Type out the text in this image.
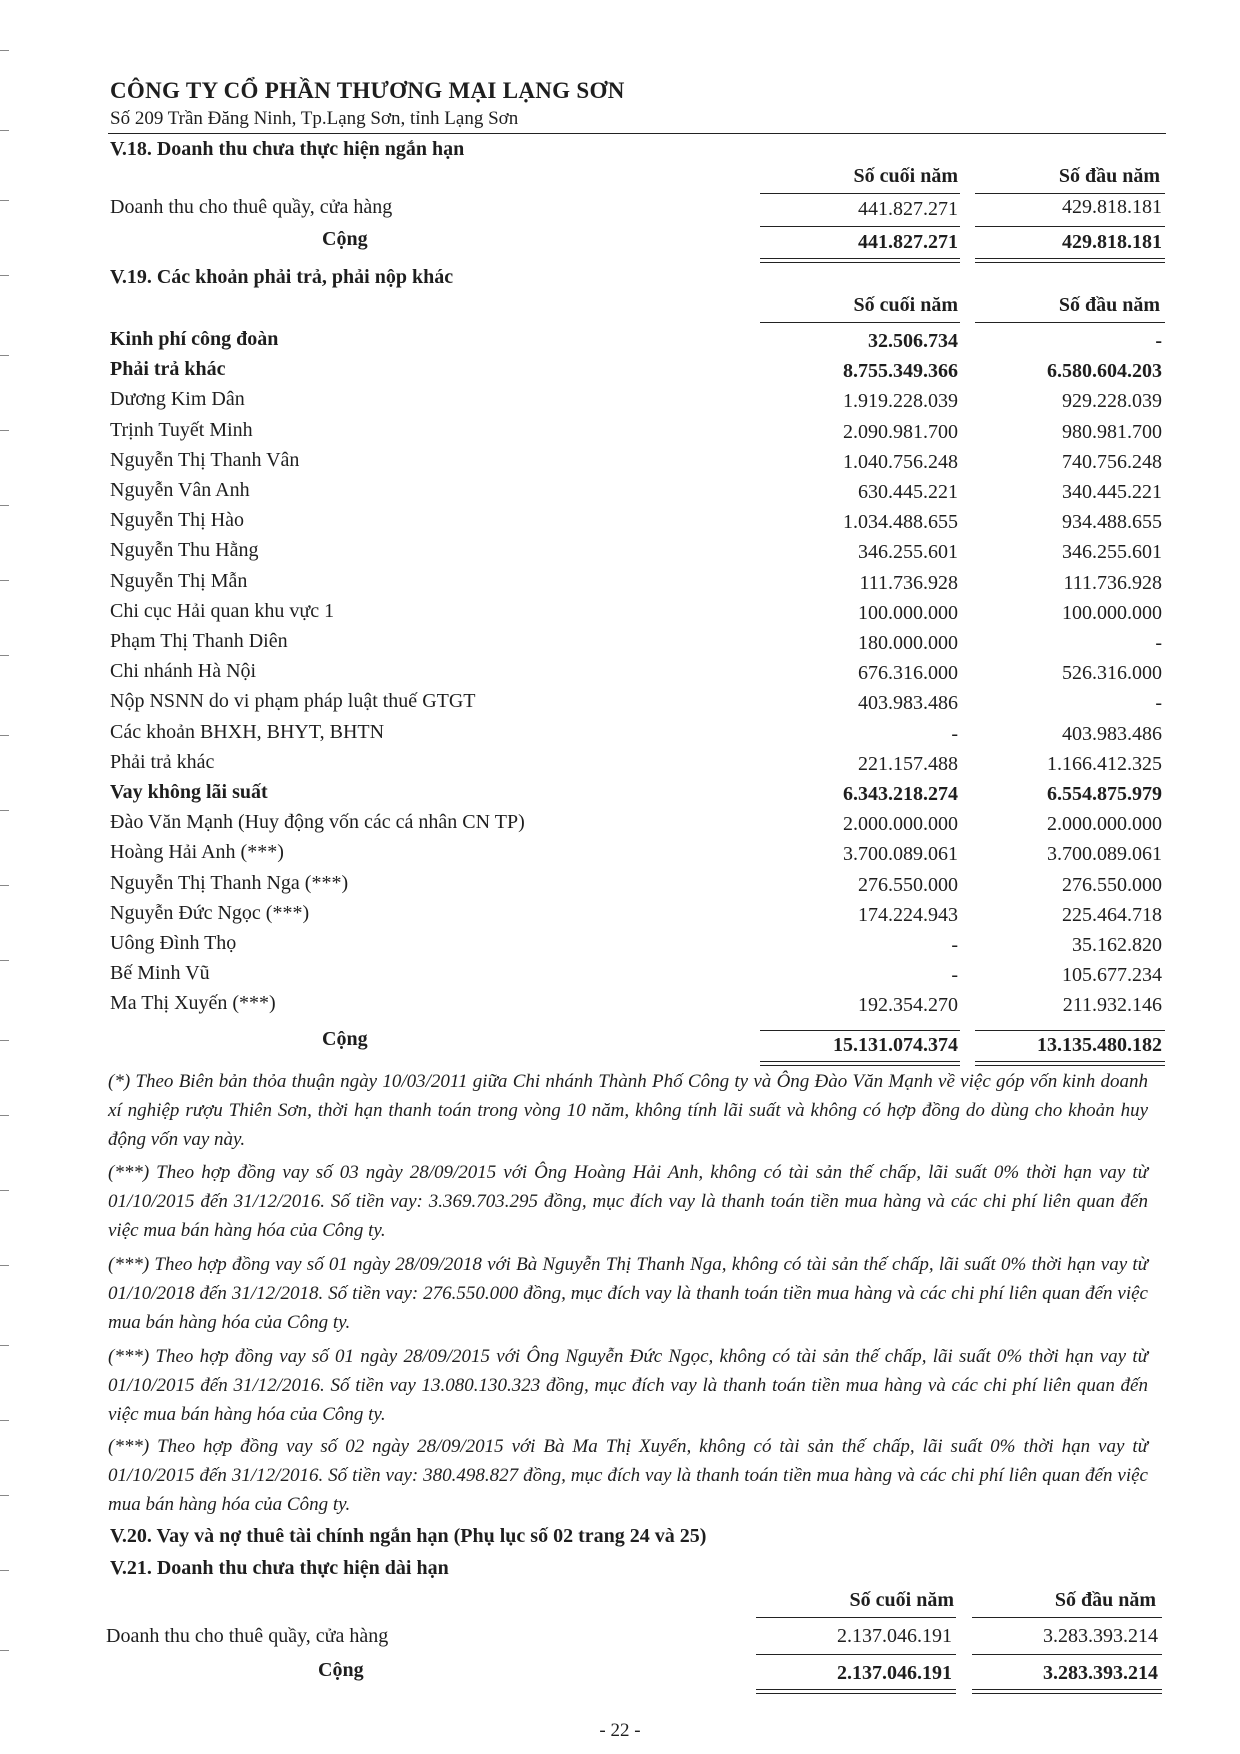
CÔNG TY CỔ PHẦN THƯƠNG MẠI LẠNG SƠN
Số 209 Trần Đăng Ninh, Tp.Lạng Sơn, tỉnh Lạng Sơn
V.18. Doanh thu chưa thực hiện ngắn hạn
Số cuối năm	Số đầu năm
Doanh thu cho thuê quầy, cửa hàng	441.827.271	429.818.181
Cộng	441.827.271	429.818.181
V.19. Các khoản phải trả, phải nộp khác
Số cuối năm	Số đầu năm
Kinh phí công đoàn	32.506.734	-
Phải trả khác	8.755.349.366	6.580.604.203
Dương Kim Dân	1.919.228.039	929.228.039
Trịnh Tuyết Minh	2.090.981.700	980.981.700
Nguyễn Thị Thanh Vân	1.040.756.248	740.756.248
Nguyễn Vân Anh	630.445.221	340.445.221
Nguyễn Thị Hào	1.034.488.655	934.488.655
Nguyễn Thu Hằng	346.255.601	346.255.601
Nguyễn Thị Mẫn	111.736.928	111.736.928
Chi cục Hải quan khu vực 1	100.000.000	100.000.000
Phạm Thị Thanh Diên	180.000.000	-
Chi nhánh Hà Nội	676.316.000	526.316.000
Nộp NSNN do vi phạm pháp luật thuế GTGT	403.983.486	-
Các khoản BHXH, BHYT, BHTN	-	403.983.486
Phải trả khác	221.157.488	1.166.412.325
Vay không lãi suất	6.343.218.274	6.554.875.979
Đào Văn Mạnh (Huy động vốn các cá nhân CN TP)	2.000.000.000	2.000.000.000
Hoàng Hải Anh (***)	3.700.089.061	3.700.089.061
Nguyễn Thị Thanh Nga (***)	276.550.000	276.550.000
Nguyễn Đức Ngọc (***)	174.224.943	225.464.718
Uông Đình Thọ	-	35.162.820
Bế Minh Vũ	-	105.677.234
Ma Thị Xuyến (***)	192.354.270	211.932.146
Cộng	15.131.074.374	13.135.480.182
(*) Theo Biên bản thỏa thuận ngày 10/03/2011 giữa Chi nhánh Thành Phố Công ty và Ông Đào Văn Mạnh về việc góp vốn kinh doanh xí nghiệp rượu Thiên Sơn, thời hạn thanh toán trong vòng 10 năm, không tính lãi suất và không có hợp đồng do dùng cho khoản huy động vốn vay này.
(***) Theo hợp đồng vay số 03 ngày 28/09/2015 với Ông Hoàng Hải Anh, không có tài sản thế chấp, lãi suất 0% thời hạn vay từ 01/10/2015 đến 31/12/2016. Số tiền vay: 3.369.703.295 đồng, mục đích vay là thanh toán tiền mua hàng và các chi phí liên quan đến việc mua bán hàng hóa của Công ty.
(***) Theo hợp đồng vay số 01 ngày 28/09/2018 với Bà Nguyễn Thị Thanh Nga, không có tài sản thế chấp, lãi suất 0% thời hạn vay từ 01/10/2018 đến 31/12/2018. Số tiền vay: 276.550.000 đồng, mục đích vay là thanh toán tiền mua hàng và các chi phí liên quan đến việc mua bán hàng hóa của Công ty.
(***) Theo hợp đồng vay số 01 ngày 28/09/2015 với Ông Nguyễn Đức Ngọc, không có tài sản thế chấp, lãi suất 0% thời hạn vay từ 01/10/2015 đến 31/12/2016. Số tiền vay 13.080.130.323 đồng, mục đích vay là thanh toán tiền mua hàng và các chi phí liên quan đến việc mua bán hàng hóa của Công ty.
(***) Theo hợp đồng vay số 02 ngày 28/09/2015 với Bà Ma Thị Xuyến, không có tài sản thế chấp, lãi suất 0% thời hạn vay từ 01/10/2015 đến 31/12/2016. Số tiền vay: 380.498.827 đồng, mục đích vay là thanh toán tiền mua hàng và các chi phí liên quan đến việc mua bán hàng hóa của Công ty.
V.20. Vay và nợ thuê tài chính ngắn hạn (Phụ lục số 02 trang 24 và 25)
V.21. Doanh thu chưa thực hiện dài hạn
Số cuối năm	Số đầu năm
Doanh thu cho thuê quầy, cửa hàng	2.137.046.191	3.283.393.214
Cộng	2.137.046.191	3.283.393.214
- 22 -
